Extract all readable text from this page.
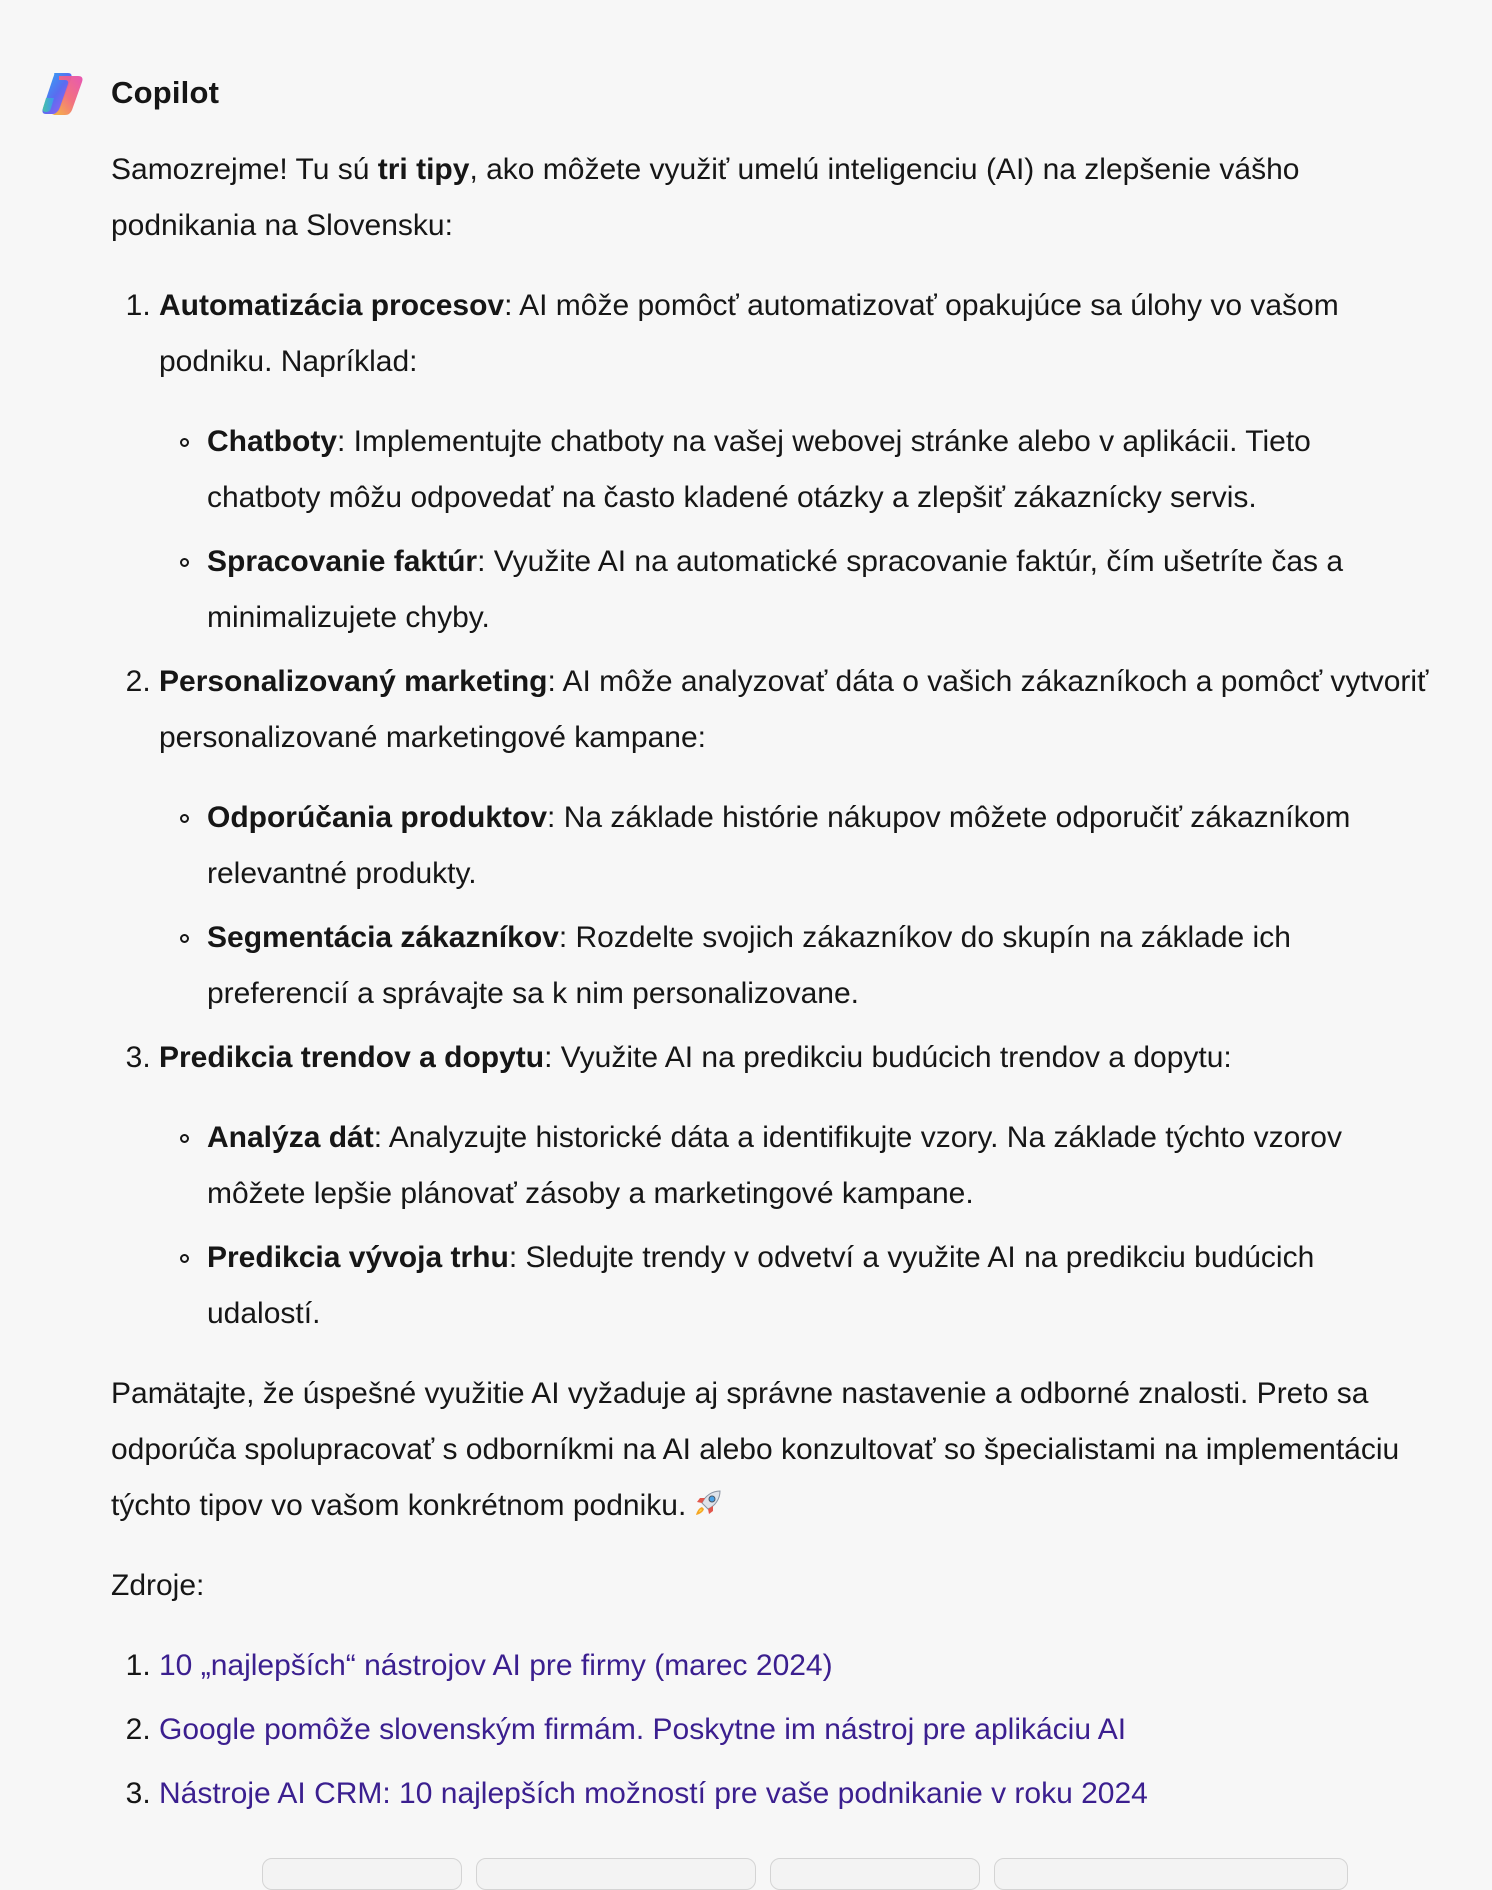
Copilot

Samozrejme! Tu sú tri tipy, ako môžete využiť umelú inteligenciu (AI) na zlepšenie vášho podnikania na Slovensku:

1. Automatizácia procesov: AI môže pomôcť automatizovať opakujúce sa úlohy vo vašom podniku. Napríklad:
Chatboty: Implementujte chatboty na vašej webovej stránke alebo v aplikácii. Tieto chatboty môžu odpovedať na často kladené otázky a zlepšiť zákaznícky servis.
Spracovanie faktúr: Využite AI na automatické spracovanie faktúr, čím ušetríte čas a minimalizujete chyby.
2. Personalizovaný marketing: AI môže analyzovať dáta o vašich zákazníkoch a pomôcť vytvoriť personalizované marketingové kampane:
Odporúčania produktov: Na základe histórie nákupov môžete odporučiť zákazníkom relevantné produkty.
Segmentácia zákazníkov: Rozdelte svojich zákazníkov do skupín na základe ich preferencií a správajte sa k nim personalizovane.
3. Predikcia trendov a dopytu: Využite AI na predikciu budúcich trendov a dopytu:
Analýza dát: Analyzujte historické dáta a identifikujte vzory. Na základe týchto vzorov môžete lepšie plánovať zásoby a marketingové kampane.
Predikcia vývoja trhu: Sledujte trendy v odvetví a využite AI na predikciu budúcich udalostí.

Pamätajte, že úspešné využitie AI vyžaduje aj správne nastavenie a odborné znalosti. Preto sa odporúča spolupracovať s odborníkmi na AI alebo konzultovať so špecialistami na implementáciu týchto tipov vo vašom konkrétnom podniku.

Zdroje:

1. 10 „najlepších“ nástrojov AI pre firmy (marec 2024)
2. Google pomôže slovenským firmám. Poskytne im nástroj pre aplikáciu AI
3. Nástroje AI CRM: 10 najlepších možností pre vaše podnikanie v roku 2024
